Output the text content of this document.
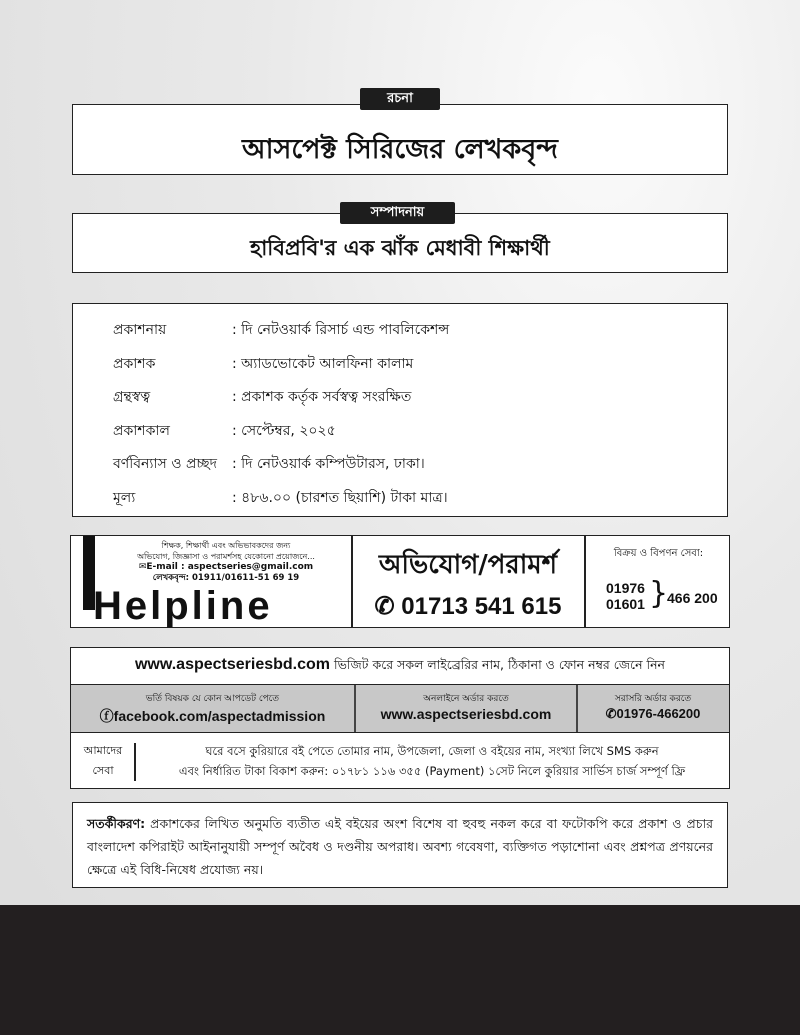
আসপেক্ট সিরিজের লেখকবৃন্দ
রচনা
হাবিপ্রবি'র এক ঝাঁক মেধাবী শিক্ষার্থী
সম্পাদনায়
প্রকাশনায়	: দি নেটওয়ার্ক রিসার্চ এন্ড পাবলিকেশন্স
প্রকাশক	: অ্যাডভোকেট আলফিনা কালাম
গ্রন্থস্বত্ব	: প্রকাশক কর্তৃক সর্বস্বত্ব সংরক্ষিত
প্রকাশকাল	: সেপ্টেম্বর, ২০২৫
বর্ণবিন্যাস ও প্রচ্ছদ	: দি নেটওয়ার্ক কম্পিউটারস, ঢাকা।
মূল্য	: ৪৮৬.০০ (চারশত ছিয়াশি) টাকা মাত্র।
শিক্ষক, শিক্ষার্থী এবং অভিভাবকদের জন্য
অভিযোগ, জিজ্ঞাসা ও পরামর্শসহ যেকোনো প্রয়োজনে...
✉E-mail : aspectseries@gmail.com
লেখকবৃন্দ: 01911/01611-51 69 19
Helpline
অভিযোগ/পরামর্শ
✆ 01713 541 615
বিক্রয় ও বিপণন সেবা:
01976
01601 }
466 200
www.aspectseriesbd.com ভিজিট করে সকল লাইব্রেরির নাম, ঠিকানা ও ফোন নম্বর জেনে নিন
ভর্তি বিষয়ক যে কোন আপডেট পেতে
ⓕfacebook.com/aspectadmission
অনলাইনে অর্ডার করতে
www.aspectseriesbd.com
সরাসরি অর্ডার করতে
✆01976-466200
আমাদের
সেবা
ঘরে বসে কুরিয়ারে বই পেতে তোমার নাম, উপজেলা, জেলা ও বইয়ের নাম, সংখ্যা লিখে SMS করুন
এবং নির্ধারিত টাকা বিকাশ করুন: ০১৭৮১ ১১৬ ৩৫৫ (Payment) ১সেট নিলে কুরিয়ার সার্ভিস চার্জ সম্পূর্ণ ফ্রি
সতর্কীকরণ: প্রকাশকের লিখিত অনুমতি ব্যতীত এই বইয়ের অংশ বিশেষ বা হুবহু নকল করে বা ফটোকপি করে প্রকাশ ও প্রচার বাংলাদেশ কপিরাইট আইনানুযায়ী সম্পূর্ণ অবৈধ ও দণ্ডনীয় অপরাধ। অবশ্য গবেষণা, ব্যক্তিগত পড়াশোনা এবং প্রশ্নপত্র প্রণয়নের ক্ষেত্রে এই বিধি-নিষেধ প্রযোজ্য নয়।
